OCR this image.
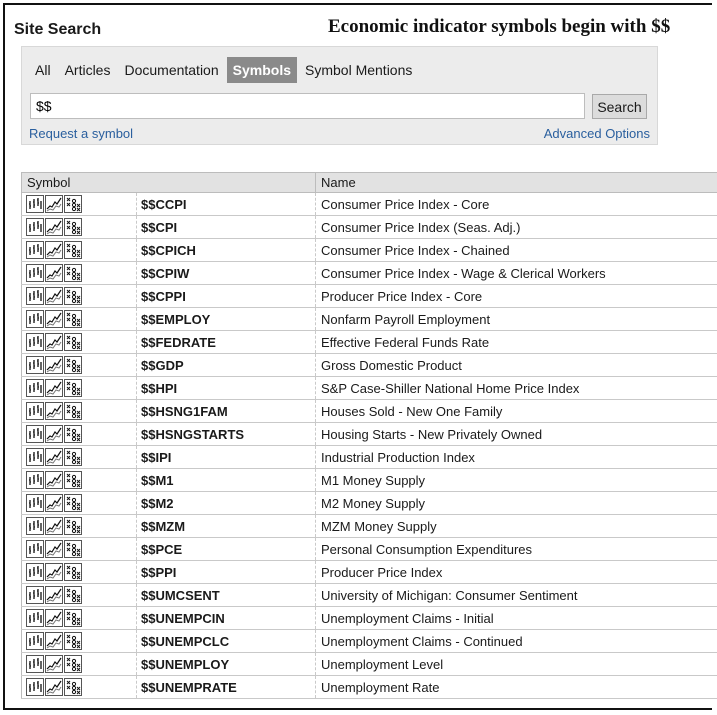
Site Search	Economic indicator symbols begin with $$
All	Articles	Documentation	Symbols	Symbol Mentions
$$
Search
Request a symbol	Advanced Options
Symbol		Name

	$$CCPI	Consumer Price Index - Core

	$$CPI	Consumer Price Index (Seas. Adj.)

	$$CPICH	Consumer Price Index - Chained

	$$CPIW	Consumer Price Index - Wage & Clerical Workers

	$$CPPI	Producer Price Index - Core

	$$EMPLOY	Nonfarm Payroll Employment

	$$FEDRATE	Effective Federal Funds Rate

	$$GDP	Gross Domestic Product

	$$HPI	S&P Case-Shiller National Home Price Index

	$$HSNG1FAM	Houses Sold - New One Family

	$$HSNGSTARTS	Housing Starts - New Privately Owned

	$$IPI	Industrial Production Index

	$$M1	M1 Money Supply

	$$M2	M2 Money Supply

	$$MZM	MZM Money Supply

	$$PCE	Personal Consumption Expenditures

	$$PPI	Producer Price Index

	$$UMCSENT	University of Michigan: Consumer Sentiment

	$$UNEMPCIN	Unemployment Claims - Initial

	$$UNEMPCLC	Unemployment Claims - Continued

	$$UNEMPLOY	Unemployment Level

	$$UNEMPRATE	Unemployment Rate
